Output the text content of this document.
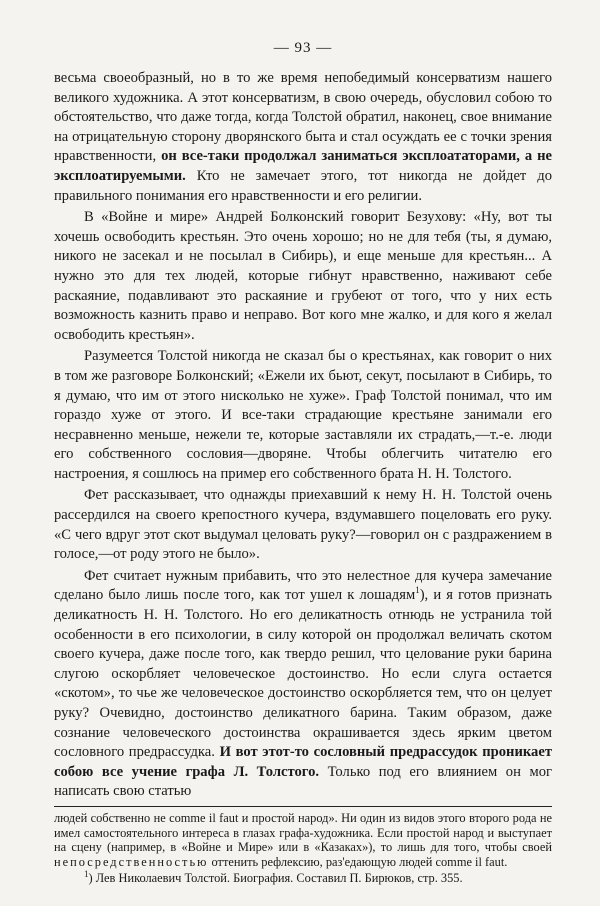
— 93 —

весьма своеобразный, но в то же время непобедимый консерватизм нашего великого художника. А этот консерватизм, в свою очередь, обусловил собою то обстоятельство, что даже тогда, когда Толстой обратил, наконец, свое внимание на отрицательную сторону дворянского быта и стал осуждать ее с точки зрения нравственности, он все-таки продолжал заниматься эксплоататорами, а не эксплоатируемыми. Кто не замечает этого, тот никогда не дойдет до правильного понимания его нравственности и его религии.

В «Войне и мире» Андрей Болконский говорит Безухову: «Ну, вот ты хочешь освободить крестьян. Это очень хорошо; но не для тебя (ты, я думаю, никого не засекал и не посылал в Сибирь), и еще меньше для крестьян... А нужно это для тех людей, которые гибнут нравственно, наживают себе раскаяние, подавливают это раскаяние и грубеют от того, что у них есть возможность казнить право и неправо. Вот кого мне жалко, и для кого я желал освободить крестьян».

Разумеется Толстой никогда не сказал бы о крестьянах, как говорит о них в том же разговоре Болконский; «Ежели их бьют, секут, посылают в Сибирь, то я думаю, что им от этого нисколько не хуже». Граф Толстой понимал, что им гораздо хуже от этого. И все-таки страдающие крестьяне занимали его несравненно меньше, нежели те, которые заставляли их страдать,—т.-е. люди его собственного сословия—дворяне. Чтобы облегчить читателю его настроения, я сошлюсь на пример его собственного брата Н. Н. Толстого.

Фет рассказывает, что однажды приехавший к нему Н. Н. Толстой очень рассердился на своего крепостного кучера, вздумавшего поцеловать его руку. «С чего вдруг этот скот выдумал целовать руку?—говорил он с раздражением в голосе,—от роду этого не было».

Фет считает нужным прибавить, что это нелестное для кучера замечание сделано было лишь после того, как тот ушел к лошадям$^1$), и я готов признать деликатность Н. Н. Толстого. Но его деликатность отнюдь не устранила той особенности в его психологии, в силу которой он продолжал величать скотом своего кучера, даже после того, как твердо решил, что целование руки барина слугою оскорбляет человеческое достоинство. Но если слуга остается «скотом», то чье же человеческое достоинство оскорбляется тем, что он целует руку? Очевидно, достоинство деликатного барина. Таким образом, даже сознание человеческого достоинства окрашивается здесь ярким цветом сословного предрассудка. И вот этот-то сословный предрассудок проникает собою все учение графа Л. Толстого. Только под его влиянием он мог написать свою статью

людей собственно не comme il faut и простой народ». Ни один из видов этого второго рода не имел самостоятельного интереса в глазах графа-художника. Если простой народ и выступает на сцену (например, в «Войне и Мире» или в «Казаках»), то лишь для того, чтобы своей непосредственностью оттенить рефлексию, раз'едающую людей comme il faut.

$^1$) Лев Николаевич Толстой. Биография. Составил П. Бирюков, стр. 355.
